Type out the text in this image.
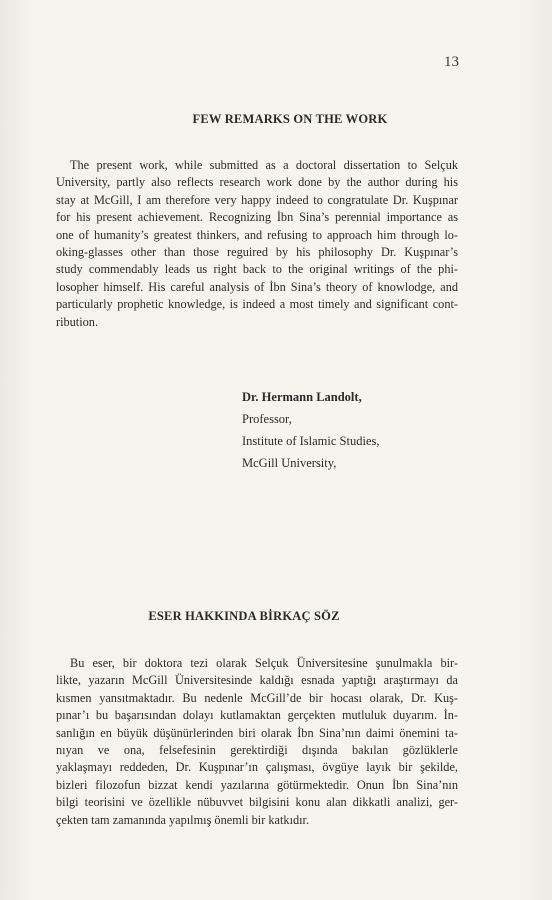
13
FEW REMARKS ON THE WORK
The present work, while submitted as a doctoral dissertation to Selçuk
University, partly also reflects research work done by the author during his
stay at McGill, I am therefore very happy indeed to congratulate Dr. Kuşpınar
for his present achievement. Recognizing İbn Sina’s perennial importance as
one of humanity’s greatest thinkers, and refusing to approach him through lo-
oking-glasses other than those reguired by his philosophy Dr. Kuşpınar’s
study commendably leads us right back to the original writings of the phi-
losopher himself. His careful analysis of İbn Sina’s theory of knowlodge, and
particularly prophetic knowledge, is indeed a most timely and significant cont-
ribution.
Dr. Hermann Landolt,
Professor,
Institute of Islamic Studies,
McGill University,
ESER HAKKINDA BİRKAÇ SÖZ
Bu eser, bir doktora tezi olarak Selçuk Üniversitesine şunulmakla bir-
likte, yazarın McGill Üniversitesinde kaldığı esnada yaptığı araştırmayı da
kısmen yansıtmaktadır. Bu nedenle McGill’de bir hocası olarak, Dr. Kuş-
pınar’ı bu başarısından dolayı kutlamaktan gerçekten mutluluk duyarım. İn-
sanlığın en büyük düşünürlerinden biri olarak İbn Sina’nın daimi önemini ta-
nıyan ve ona, felsefesinin gerektirdiği dışında bakılan gözlüklerle
yaklaşmayı reddeden, Dr. Kuşpınar’ın çalışması, övgüye layık bir şekilde,
bizleri filozofun bizzat kendi yazılarına götürmektedir. Onun İbn Sina’nın
bilgi teorisini ve özellikle nübuvvet bilgisini konu alan dikkatli analizi, ger-
çekten tam zamanında yapılmış önemli bir katkıdır.
